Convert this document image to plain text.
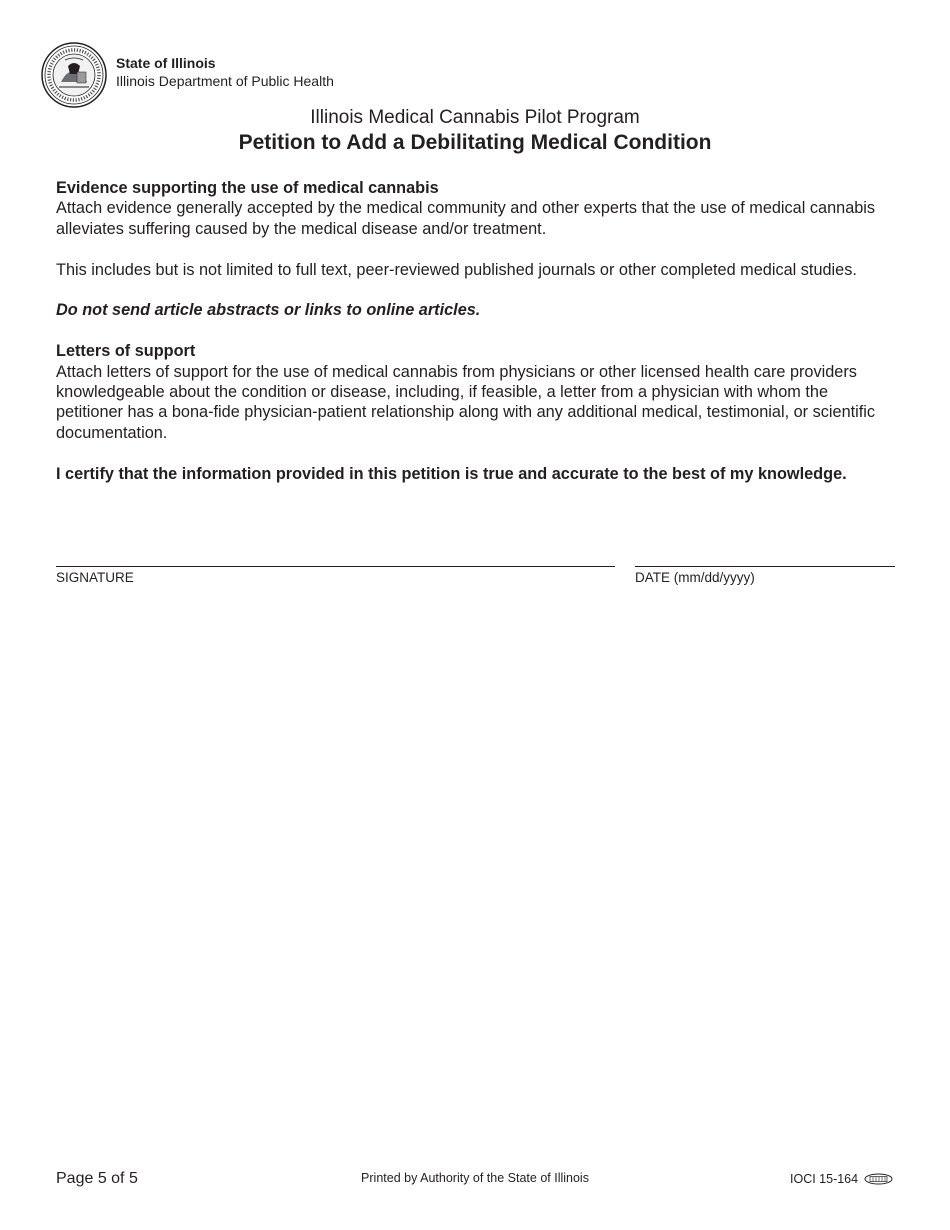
State of Illinois
Illinois Department of Public Health
Illinois Medical Cannabis Pilot Program
Petition to Add a Debilitating Medical Condition

Evidence supporting the use of medical cannabis

Attach evidence generally accepted by the medical community and other experts that the use of medical cannabis alleviates suffering caused by the medical disease and/or treatment.

This includes but is not limited to full text, peer-reviewed published journals or other completed medical studies.

Do not send article abstracts or links to online articles.

Letters of support

Attach letters of support for the use of medical cannabis from physicians or other licensed health care providers knowledgeable about the condition or disease, including, if feasible, a letter from a physician with whom the petitioner has a bona-fide physician-patient relationship along with any additional medical, testimonial, or scientific documentation.

I certify that the information provided in this petition is true and accurate to the best of my knowledge.

SIGNATURE	DATE (mm/dd/yyyy)
Page 5 of 5	Printed by Authority of the State of Illinois	IOCI 15-164
